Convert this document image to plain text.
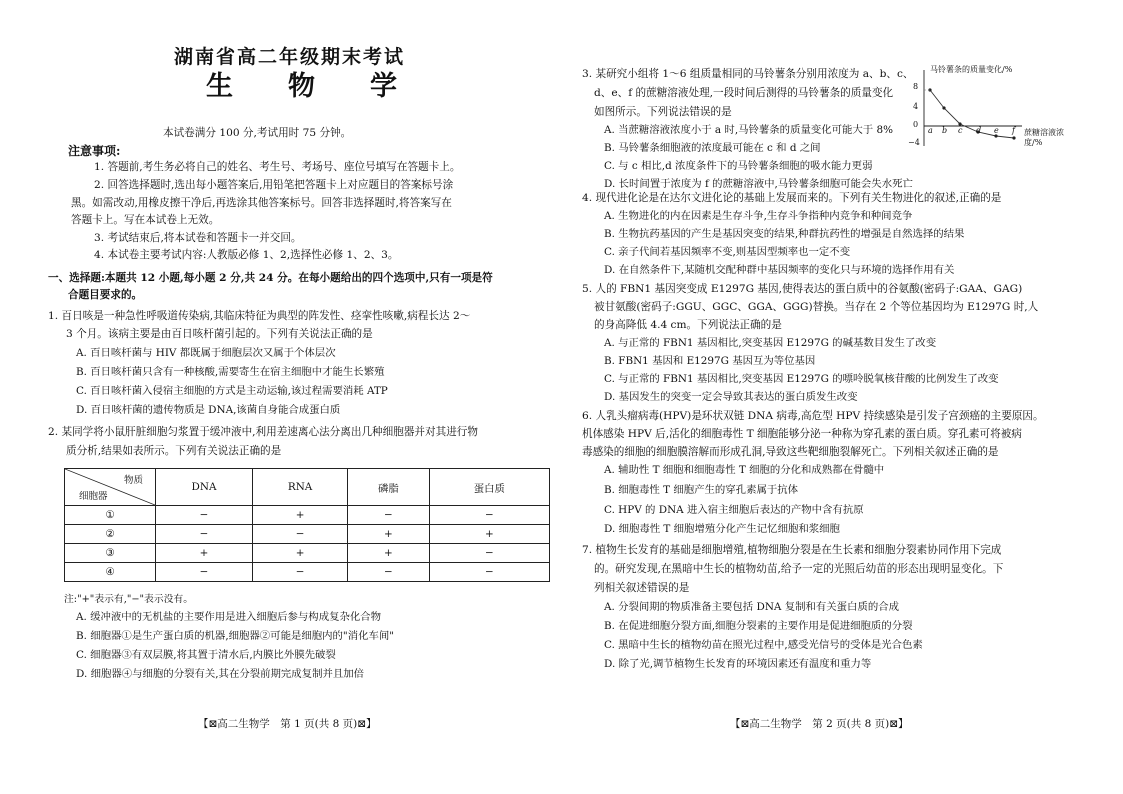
湖南省高二年级期末考试
生　物　学
本试卷满分 100 分,考试用时 75 分钟。
注意事项:
1. 答题前,考生务必将自己的姓名、考生号、考场号、座位号填写在答题卡上。
2. 回答选择题时,选出每小题答案后,用铅笔把答题卡上对应题目的答案标号涂
黑。如需改动,用橡皮擦干净后,再选涂其他答案标号。回答非选择题时,将答案写在
答题卡上。写在本试卷上无效。
3. 考试结束后,将本试卷和答题卡一并交回。
4. 本试卷主要考试内容:人教版必修 1、2,选择性必修 1、2、3。
一、选择题:本题共 12 小题,每小题 2 分,共 24 分。在每小题给出的四个选项中,只有一项是符
合题目要求的。
1. 百日咳是一种急性呼吸道传染病,其临床特征为典型的阵发性、痉挛性咳嗽,病程长达 2～
3 个月。该病主要是由百日咳杆菌引起的。下列有关说法正确的是
A. 百日咳杆菌与 HIV 都既属于细胞层次又属于个体层次
B. 百日咳杆菌只含有一种核酸,需要寄生在宿主细胞中才能生长繁殖
C. 百日咳杆菌入侵宿主细胞的方式是主动运输,该过程需要消耗 ATP
D. 百日咳杆菌的遗传物质是 DNA,该菌自身能合成蛋白质
2. 某同学将小鼠肝脏细胞匀浆置于缓冲液中,利用差速离心法分离出几种细胞器并对其进行物
质分析,结果如表所示。下列有关说法正确的是
物质
细胞器	DNA	RNA	磷脂	蛋白质
①	−	+	−	−
②	−	−	+	+
③	+	+	+	−
④	−	−	−	−
注:"+"表示有,"−"表示没有。
A. 缓冲液中的无机盐的主要作用是进入细胞后参与构成复杂化合物
B. 细胞器①是生产蛋白质的机器,细胞器②可能是细胞内的"消化车间"
C. 细胞器③有双层膜,将其置于清水后,内膜比外膜先破裂
D. 细胞器④与细胞的分裂有关,其在分裂前期完成复制并且加倍
【⊠高二生物学　第 1 页(共 8 页)⊠】
3. 某研究小组将 1～6 组质量相同的马铃薯条分别用浓度为 a、b、c、
d、e、f 的蔗糖溶液处理,一段时间后测得的马铃薯条的质量变化
如图所示。下列说法错误的是
A. 当蔗糖溶液浓度小于 a 时,马铃薯条的质量变化可能大于 8%
B. 马铃薯条细胞液的浓度最可能在 c 和 d 之间
C. 与 c 相比,d 浓度条件下的马铃薯条细胞的吸水能力更弱
D. 长时间置于浓度为 f 的蔗糖溶液中,马铃薯条细胞可能会失水死亡
马铃薯条的质量变化/%
8
4
0
−4
a b c d e f 蔗糖溶液浓度/%
4. 现代进化论是在达尔文进化论的基础上发展而来的。下列有关生物进化的叙述,正确的是
A. 生物进化的内在因素是生存斗争,生存斗争指种内竞争和种间竞争
B. 生物抗药基因的产生是基因突变的结果,种群抗药性的增强是自然选择的结果
C. 亲子代间若基因频率不变,则基因型频率也一定不变
D. 在自然条件下,某随机交配种群中基因频率的变化只与环境的选择作用有关
5. 人的 FBN1 基因突变成 E1297G 基因,使得表达的蛋白质中的谷氨酸(密码子:GAA、GAG)
被甘氨酸(密码子:GGU、GGC、GGA、GGG)替换。当存在 2 个等位基因均为 E1297G 时,人
的身高降低 4.4 cm。下列说法正确的是
A. 与正常的 FBN1 基因相比,突变基因 E1297G 的碱基数目发生了改变
B. FBN1 基因和 E1297G 基因互为等位基因
C. 与正常的 FBN1 基因相比,突变基因 E1297G 的嘌呤脱氧核苷酸的比例发生了改变
D. 基因发生的突变一定会导致其表达的蛋白质发生改变
6. 人乳头瘤病毒(HPV)是环状双链 DNA 病毒,高危型 HPV 持续感染是引发子宫颈癌的主要原因。
机体感染 HPV 后,活化的细胞毒性 T 细胞能够分泌一种称为穿孔素的蛋白质。穿孔素可将被病
毒感染的细胞的细胞膜溶解而形成孔洞,导致这些靶细胞裂解死亡。下列相关叙述正确的是
A. 辅助性 T 细胞和细胞毒性 T 细胞的分化和成熟都在骨髓中
B. 细胞毒性 T 细胞产生的穿孔素属于抗体
C. HPV 的 DNA 进入宿主细胞后表达的产物中含有抗原
D. 细胞毒性 T 细胞增殖分化产生记忆细胞和浆细胞
7. 植物生长发育的基础是细胞增殖,植物细胞分裂是在生长素和细胞分裂素协同作用下完成
的。研究发现,在黑暗中生长的植物幼苗,给予一定的光照后幼苗的形态出现明显变化。下
列相关叙述错误的是
A. 分裂间期的物质准备主要包括 DNA 复制和有关蛋白质的合成
B. 在促进细胞分裂方面,细胞分裂素的主要作用是促进细胞质的分裂
C. 黑暗中生长的植物幼苗在照光过程中,感受光信号的受体是光合色素
D. 除了光,调节植物生长发育的环境因素还有温度和重力等
【⊠高二生物学　第 2 页(共 8 页)⊠】
